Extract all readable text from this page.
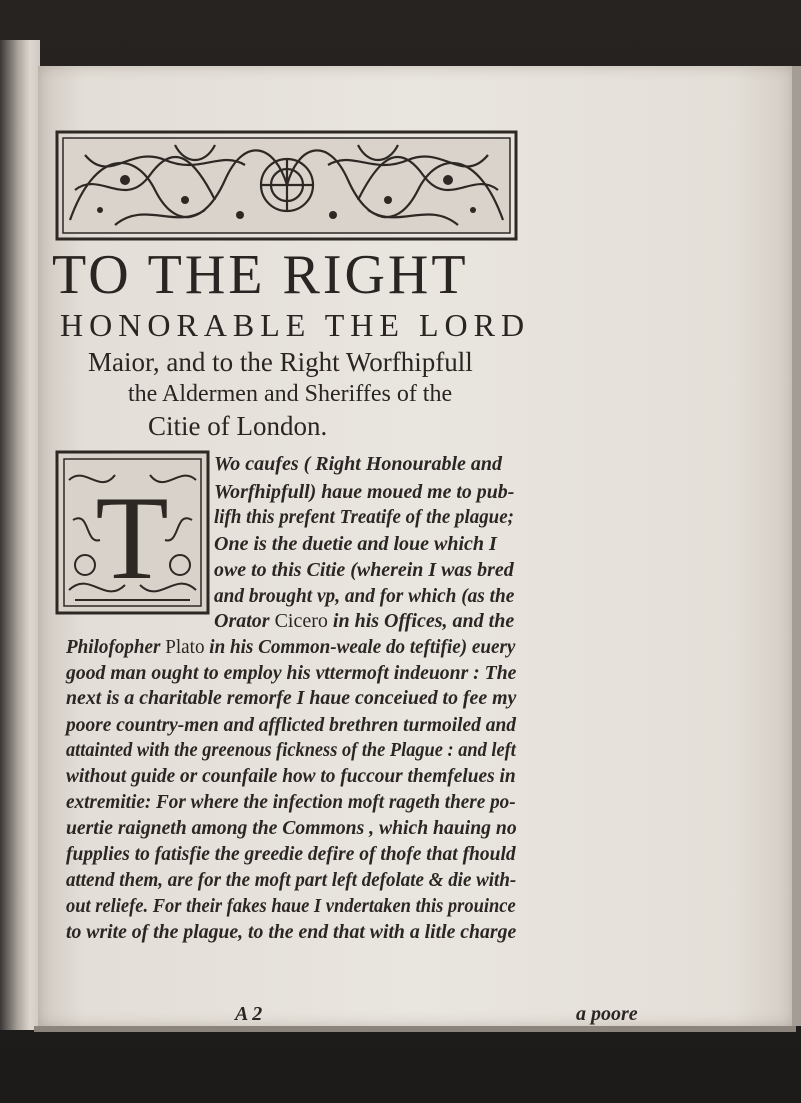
TO THE RIGHT
HONORABLE THE LORD
Maior, and to the Right Worfhipfull
the Aldermen and Sheriffes of the
Citie of London.
T
Wo caufes ( Right Honourable and
Worfhipfull) haue moued me to pub-
lifh this prefent Treatife of the plague;
One is the duetie and loue which I
owe to this Citie (wherein I was bred
and brought vp, and for which (as the
Orator Cicero in his Offices, and the
Philofopher Plato in his Common-weale do teftifie) euery
good man ought to employ his vttermoft indeuonr : The
next is a charitable remorfe I haue conceiued to fee my
poore country-men and afflicted brethren turmoiled and
attainted with the greenous fickness of the Plague : and left
without guide or counfaile how to fuccour themfelues in
extremitie: For where the infection moft rageth there po-
uertie raigneth among the Commons , which hauing no
fupplies to fatisfie the greedie defire of thofe that fhould
attend them, are for the moft part left defolate & die with-
out reliefe. For their fakes haue I vndertaken this prouince
to write of the plague, to the end that with a litle charge
A 2	a poore
